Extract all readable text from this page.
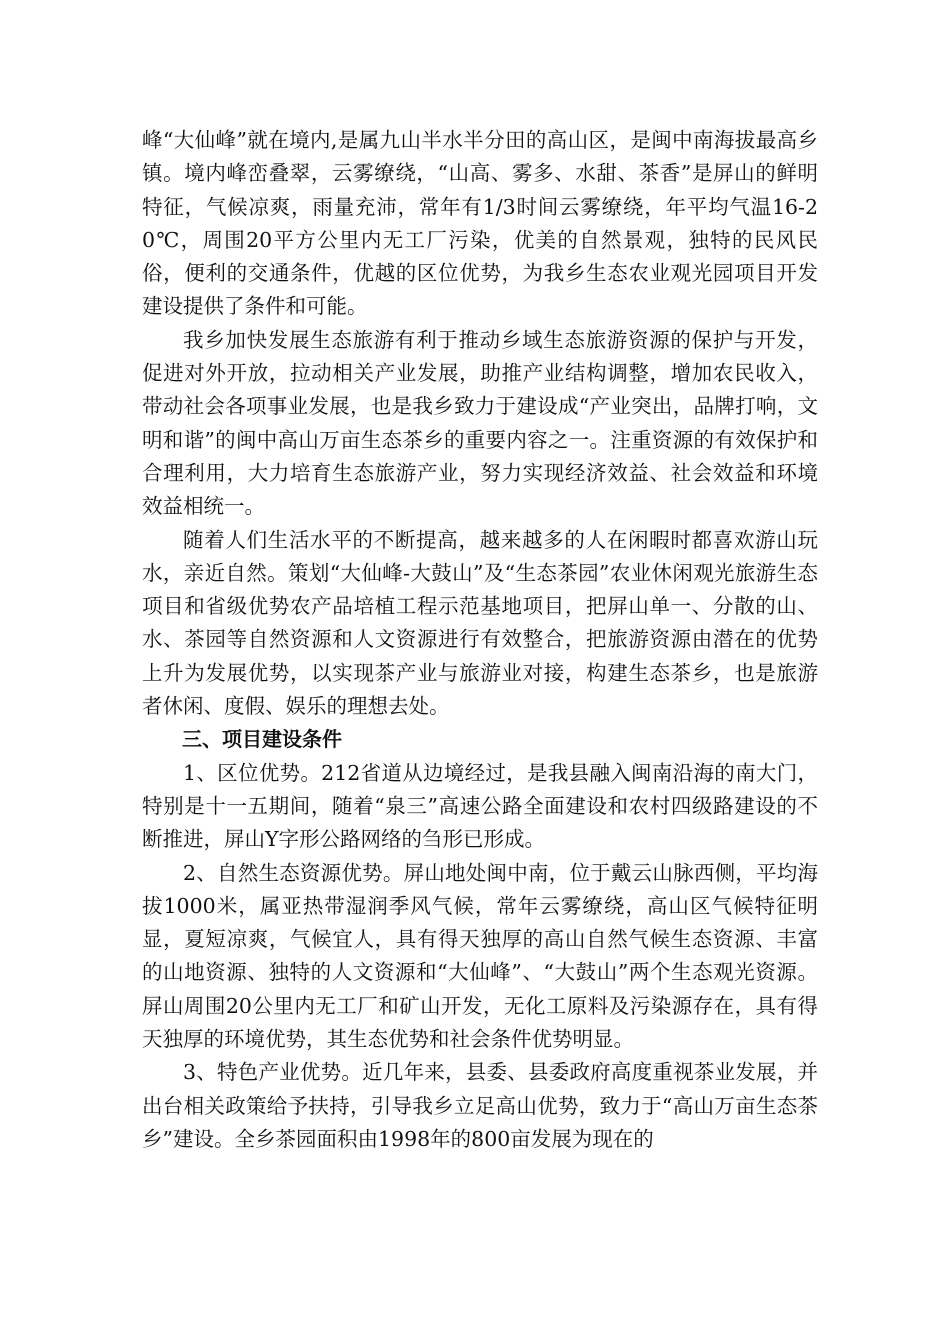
峰“大仙峰”就在境内,是属九山半水半分田的高山区，是闽中南海拔最高乡镇。境内峰峦叠翠，云雾缭绕，“山高、雾多、水甜、茶香”是屏山的鲜明特征，气候凉爽，雨量充沛，常年有1/3时间云雾缭绕，年平均气温16-20℃，周围20平方公里内无工厂污染，优美的自然景观，独特的民风民俗，便利的交通条件，优越的区位优势，为我乡生态农业观光园项目开发建设提供了条件和可能。

我乡加快发展生态旅游有利于推动乡域生态旅游资源的保护与开发，促进对外开放，拉动相关产业发展，助推产业结构调整，增加农民收入，带动社会各项事业发展，也是我乡致力于建设成“产业突出，品牌打响，文明和谐”的闽中高山万亩生态茶乡的重要内容之一。注重资源的有效保护和合理利用，大力培育生态旅游产业，努力实现经济效益、社会效益和环境效益相统一。

随着人们生活水平的不断提高，越来越多的人在闲暇时都喜欢游山玩水，亲近自然。策划“大仙峰-大鼓山”及“生态茶园”农业休闲观光旅游生态项目和省级优势农产品培植工程示范基地项目，把屏山单一、分散的山、水、茶园等自然资源和人文资源进行有效整合，把旅游资源由潜在的优势上升为发展优势，以实现茶产业与旅游业对接，构建生态茶乡，也是旅游者休闲、度假、娱乐的理想去处。

三、项目建设条件

1、区位优势。212省道从边境经过，是我县融入闽南沿海的南大门，特别是十一五期间，随着“泉三”高速公路全面建设和农村四级路建设的不断推进，屏山Y字形公路网络的刍形已形成。

2、自然生态资源优势。屏山地处闽中南，位于戴云山脉西侧，平均海拔1000米，属亚热带湿润季风气候，常年云雾缭绕，高山区气候特征明显，夏短凉爽，气候宜人，具有得天独厚的高山自然气候生态资源、丰富的山地资源、独特的人文资源和“大仙峰”、“大鼓山”两个生态观光资源。屏山周围20公里内无工厂和矿山开发，无化工原料及污染源存在，具有得天独厚的环境优势，其生态优势和社会条件优势明显。

3、特色产业优势。近几年来，县委、县委政府高度重视茶业发展，并出台相关政策给予扶持，引导我乡立足高山优势，致力于“高山万亩生态茶乡”建设。全乡茶园面积由1998年的800亩发展为现在的
